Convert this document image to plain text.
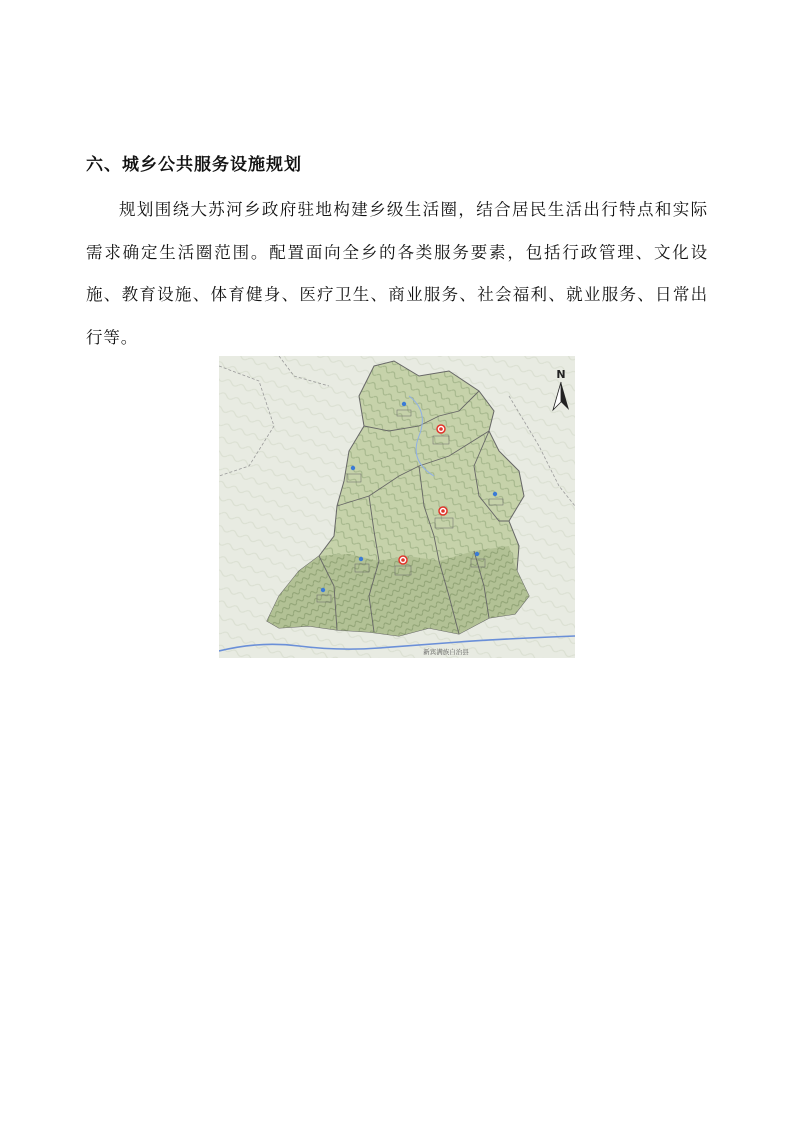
六、城乡公共服务设施规划

规划围绕大苏河乡政府驻地构建乡级生活圈，结合居民生活出行特点和实际需求确定生活圈范围。配置面向全乡的各类服务要素，包括行政管理、文化设施、教育设施、体育健身、医疗卫生、商业服务、社会福利、就业服务、日常出行等。

N
新宾满族自治县
